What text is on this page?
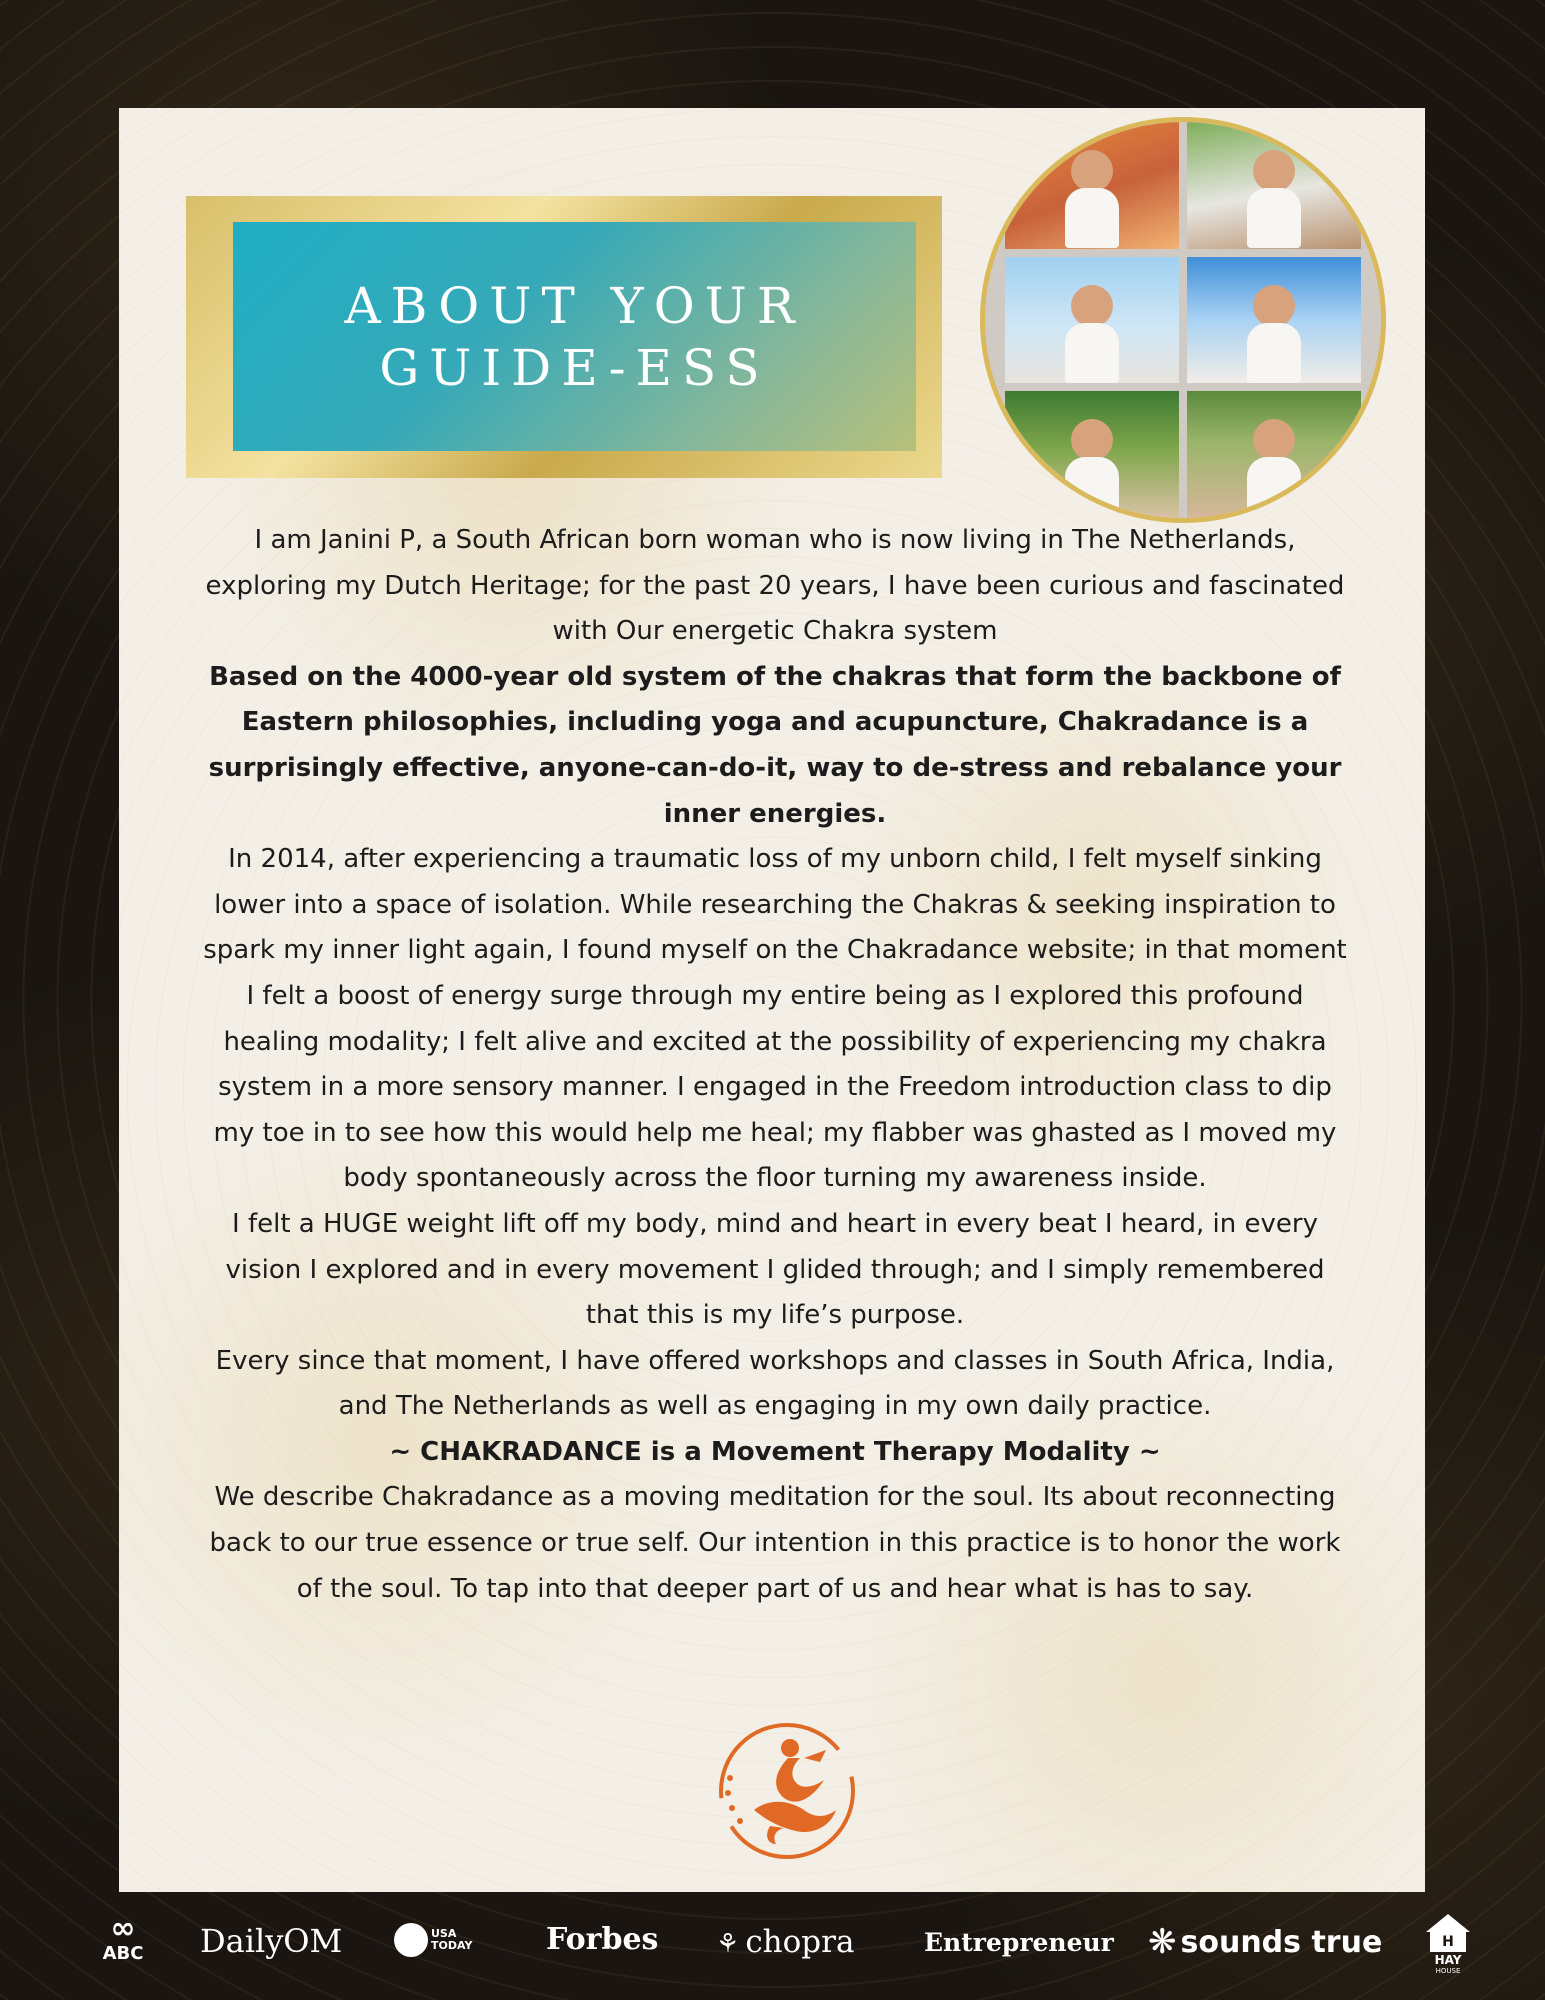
ABOUT YOUR
GUIDE-ESS

I am Janini P, a South African born woman who is now living in The Netherlands, exploring my Dutch Heritage; for the past 20 years, I have been curious and fascinated with Our energetic Chakra system

Based on the 4000-year old system of the chakras that form the backbone of Eastern philosophies, including yoga and acupuncture, Chakradance is a surprisingly effective, anyone-can-do-it, way to de-stress and rebalance your inner energies.

In 2014, after experiencing a traumatic loss of my unborn child, I felt myself sinking lower into a space of isolation. While researching the Chakras & seeking inspiration to spark my inner light again, I found myself on the Chakradance website; in that moment I felt a boost of energy surge through my entire being as I explored this profound healing modality; I felt alive and excited at the possibility of experiencing my chakra system in a more sensory manner. I engaged in the Freedom introduction class to dip my toe in to see how this would help me heal; my flabber was ghasted as I moved my body spontaneously across the floor turning my awareness inside.

I felt a HUGE weight lift off my body, mind and heart in every beat I heard, in every vision I explored and in every movement I glided through; and I simply remembered that this is my life’s purpose.

Every since that moment, I have offered workshops and classes in South Africa, India, and The Netherlands as well as engaging in my own daily practice.

~ CHAKRADANCE is a Movement Therapy Modality ~

We describe Chakradance as a moving meditation for the soul. Its about reconnecting back to our true essence or true self. Our intention in this practice is to honor the work of the soul. To tap into that deeper part of us and hear what is has to say.

∞
ABC DailyOM	USA
TODAY Forbes ⚘ chopra	Entrepreneur ❋ sounds true	H
HAY
HOUSE
